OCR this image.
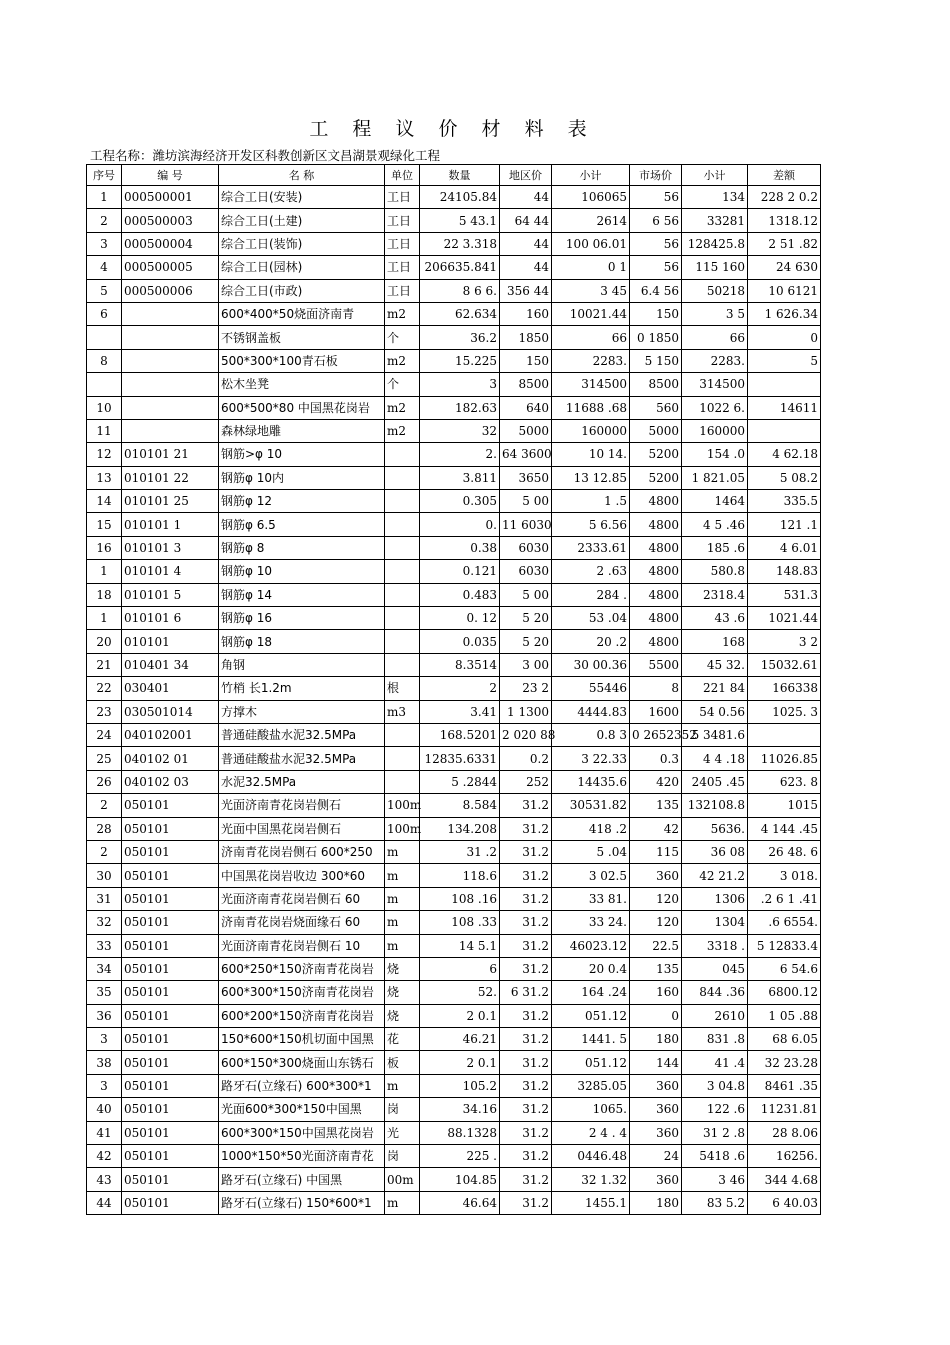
工 程 议 价 材 料 表
工程名称：潍坊滨海经济开发区科教创新区文昌湖景观绿化工程
序号	编 号	名 称	单位	数量	地区价	小计	市场价	小计	差额
1	000500001	综合工日(安装)	工日	24105.84	44	106065	56	134	228 2 0.2
2	000500003	综合工日(土建)	工日	5 43.1	64 44	2614	6 56	33281	1318.12
3	000500004	综合工日(装饰)	工日	22 3.318	44	100 06.01	56	128425.8	2 51 .82
4	000500005	综合工日(园林)	工日	206635.841	44	0 1	56	115 160	24 630
5	000500006	综合工日(市政)	工日	8 6 6.	356 44	3 45	6.4 56	50218	10 6121
6		600*400*50烧面济南青	m2	62.634	160	10021.44	150	3 5	1 626.34
		不锈钢盖板	个	36.2	1850	66	0 1850	66	0
8		500*300*100青石板	m2	15.225	150	2283.	5 150	2283.	5
		松木坐凳	个	3	8500	314500	8500	314500	
10		600*500*80 中国黑花岗岩	m2	182.63	640	11688 .68	560	1022 6.	14611
11		森林绿地雕	m2	32	5000	160000	5000	160000	
12	010101 21	钢筋>φ 10		2.	64 3600	10 14.	5200	154 .0	4 62.18
13	010101 22	钢筋φ 10内		3.811	3650	13 12.85	5200	1 821.05	5 08.2
14	010101 25	钢筋φ 12		0.305	5 00	1 .5	4800	1464	335.5
15	010101 1	钢筋φ 6.5		0.	11 6030	5 6.56	4800	4 5 .46	121 .1
16	010101 3	钢筋φ 8		0.38	6030	2333.61	4800	185 .6	4 6.01
1	010101 4	钢筋φ 10		0.121	6030	2 .63	4800	580.8	148.83
18	010101 5	钢筋φ 14		0.483	5 00	284 .	4800	2318.4	531.3
1	010101 6	钢筋φ 16		0. 12	5 20	53 .04	4800	43 .6	1021.44
20	010101	钢筋φ 18		0.035	5 20	20 .2	4800	168	3 2
21	010401 34	角钢		8.3514	3 00	30 00.36	5500	45 32.	15032.61
22	030401	竹梢 长1.2m	根	2	23 2	55446	8	221 84	166338
23	030501014	方撑木	m3	3.41	1 1300	4444.83	1600	54 0.56	1025. 3
24	040102001	普通硅酸盐水泥32.5MPa		168.5201	2 020 88	0.8 3	0 2652352	5 3481.6	
25	040102 01	普通硅酸盐水泥32.5MPa		12835.6331	0.2	3 22.33	0.3	4 4 .18	11026.85
26	040102 03	水泥32.5MPa		5 .2844	252	14435.6	420	2405 .45	623. 8
2	050101	光面济南青花岗岩侧石	100m	8.584	31.2	30531.82	135	132108.8	1015
28	050101	光面中国黑花岗岩侧石	100m	134.208	31.2	418 .2	42	5636.	4 144 .45
2	050101	济南青花岗岩侧石 600*250	m	31 .2	31.2	5 .04	115	36 08	26 48. 6
30	050101	中国黑花岗岩收边 300*60	m	118.6	31.2	3 02.5	360	42 21.2	3 018.
31	050101	光面济南青花岗岩侧石 60	m	108 .16	31.2	33 81.	120	1306	.2 6 1 .41
32	050101	济南青花岗岩烧面缘石 60	m	108 .33	31.2	33 24.	120	1304	.6 6554.
33	050101	光面济南青花岗岩侧石 10	m	14 5.1	31.2	46023.12	22.5	3318 .	5 12833.4
34	050101	600*250*150济南青花岗岩	烧	6	31.2	20 0.4	135	045	6 54.6
35	050101	600*300*150济南青花岗岩	烧	52.	6 31.2	164 .24	160	844 .36	6800.12
36	050101	600*200*150济南青花岗岩	烧	2 0.1	31.2	051.12	0	2610	1 05 .88
3	050101	150*600*150机切面中国黑	花	46.21	31.2	1441. 5	180	831 .8	68 6.05
38	050101	600*150*300烧面山东锈石	板	2 0.1	31.2	051.12	144	41 .4	32 23.28
3	050101	路牙石(立缘石) 600*300*1	m	105.2	31.2	3285.05	360	3 04.8	8461 .35
40	050101	光面600*300*150中国黑	岗	34.16	31.2	1065.	360	122 .6	11231.81
41	050101	600*300*150中国黑花岗岩	光	88.1328	31.2	2 4 . 4	360	31 2 .8	28 8.06
42	050101	1000*150*50光面济南青花	岗	225 .	31.2	0446.48	24	5418 .6	16256.
43	050101	路牙石(立缘石) 中国黑	00m	104.85	31.2	32 1.32	360	3 46	344 4.68
44	050101	路牙石(立缘石) 150*600*1	m	46.64	31.2	1455.1	180	83 5.2	6 40.03
